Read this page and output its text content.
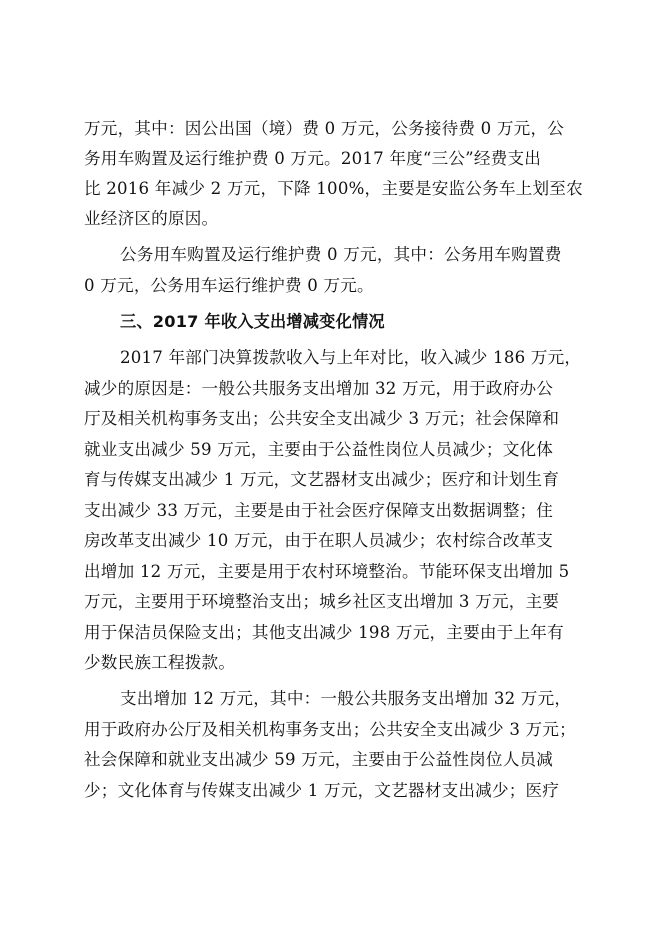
万元，其中：因公出国（境）费 0 万元，公务接待费 0 万元，公
务用车购置及运行维护费 0 万元。2017 年度“三公”经费支出
比 2016 年减少 2 万元，下降 100%，主要是安监公务车上划至农
业经济区的原因。
公务用车购置及运行维护费 0 万元，其中：公务用车购置费
0 万元，公务用车运行维护费 0 万元。
三、2017 年收入支出增减变化情况
2017 年部门决算拨款收入与上年对比，收入减少 186 万元，
减少的原因是：一般公共服务支出增加 32 万元，用于政府办公
厅及相关机构事务支出；公共安全支出减少 3 万元；社会保障和
就业支出减少 59 万元，主要由于公益性岗位人员减少；文化体
育与传媒支出减少 1 万元，文艺器材支出减少；医疗和计划生育
支出减少 33 万元，主要是由于社会医疗保障支出数据调整；住
房改革支出减少 10 万元，由于在职人员减少；农村综合改革支
出增加 12 万元，主要是用于农村环境整治。节能环保支出增加 5
万元，主要用于环境整治支出；城乡社区支出增加 3 万元，主要
用于保洁员保险支出；其他支出减少 198 万元，主要由于上年有
少数民族工程拨款。
支出增加 12 万元，其中：一般公共服务支出增加 32 万元，
用于政府办公厅及相关机构事务支出；公共安全支出减少 3 万元；
社会保障和就业支出减少 59 万元，主要由于公益性岗位人员减
少；文化体育与传媒支出减少 1 万元，文艺器材支出减少；医疗
